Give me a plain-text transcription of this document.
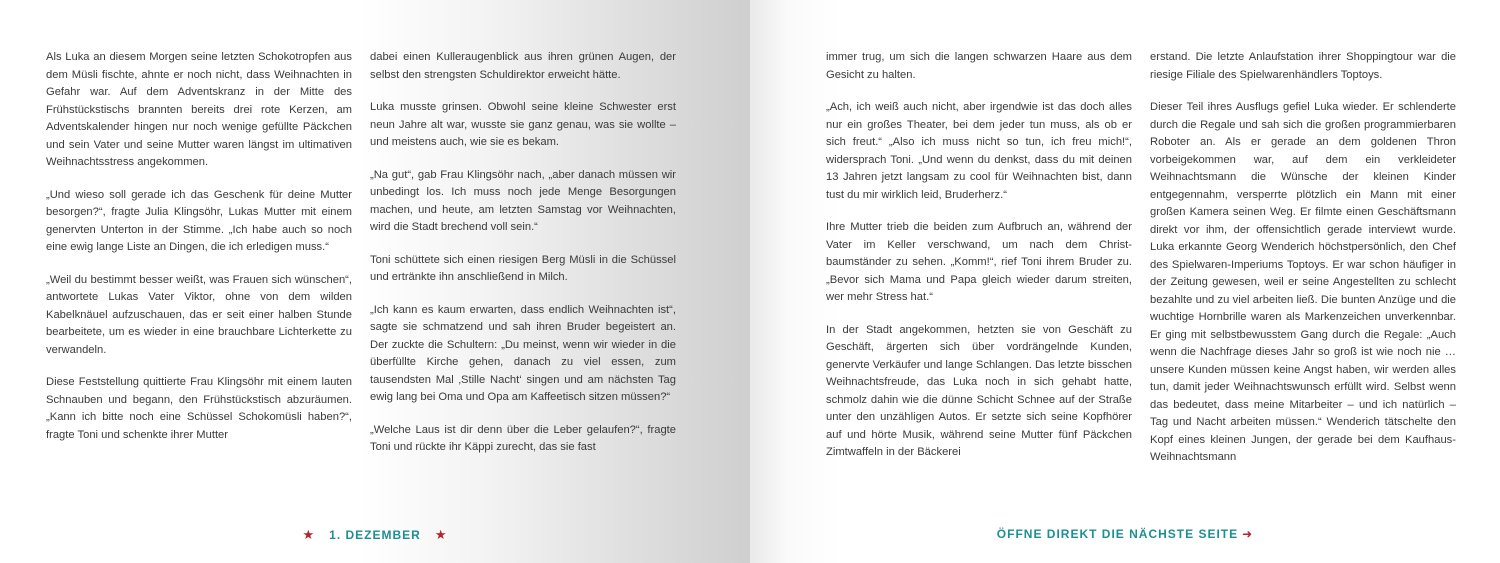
Als Luka an diesem Morgen seine letzten Schokotropfen aus dem Müsli fischte, ahnte er noch nicht, dass Weihnachten in Gefahr war. Auf dem Adventskranz in der Mitte des Frühstückstischs brannten bereits drei rote Kerzen, am Adventskalender hingen nur noch wenige gefüllte Päckchen und sein Vater und seine Mutter waren längst im ultimativen Weihnachtsstress angekommen.

„Und wieso soll gerade ich das Geschenk für deine Mutter besorgen?“, fragte Julia Klingsöhr, Lukas Mutter mit einem genervten Unterton in der Stimme. „Ich habe auch so noch eine ewig lange Liste an Dingen, die ich erledigen muss.“

„Weil du bestimmt besser weißt, was Frauen sich wünschen“, antwortete Lukas Vater Viktor, ohne von dem wilden Kabelknäuel aufzuschauen, das er seit einer halben Stunde bearbeitete, um es wieder in eine brauchbare Lichterkette zu verwandeln.

Diese Feststellung quittierte Frau Klingsöhr mit einem lauten Schnauben und begann, den Frühstückstisch abzuräumen. „Kann ich bitte noch eine Schüssel Schokomüsli haben?“, fragte Toni und schenkte ihrer Mutter

dabei einen Kulleraugenblick aus ihren grünen Augen, der selbst den strengsten Schuldirektor erweicht hätte.

Luka musste grinsen. Obwohl seine kleine Schwester erst neun Jahre alt war, wusste sie ganz genau, was sie wollte – und meistens auch, wie sie es bekam.

„Na gut“, gab Frau Klingsöhr nach, „aber danach müssen wir unbedingt los. Ich muss noch jede Menge Besorgungen machen, und heute, am letzten Samstag vor Weihnachten, wird die Stadt brechend voll sein.“

Toni schüttete sich einen riesigen Berg Müsli in die Schüssel und ertränkte ihn anschließend in Milch.

„Ich kann es kaum erwarten, dass endlich Weihnachten ist“, sagte sie schmatzend und sah ihren Bruder begeistert an. Der zuckte die Schultern: „Du meinst, wenn wir wieder in die überfüllte Kirche gehen, danach zu viel essen, zum tausendsten Mal ‚Stille Nacht‘ singen und am nächsten Tag ewig lang bei Oma und Opa am Kaffeetisch sitzen müssen?“

„Welche Laus ist dir denn über die Leber gelaufen?“, fragte Toni und rückte ihr Käppi zurecht, das sie fast

★ 1. DEZEMBER ★

immer trug, um sich die langen schwarzen Haare aus dem Gesicht zu halten.

„Ach, ich weiß auch nicht, aber irgendwie ist das doch alles nur ein großes Theater, bei dem jeder tun muss, als ob er sich freut.“ „Also ich muss nicht so tun, ich freu mich!“, widersprach Toni. „Und wenn du denkst, dass du mit deinen 13 Jahren jetzt langsam zu cool für Weihnachten bist, dann tust du mir wirklich leid, Bruderherz.“

Ihre Mutter trieb die beiden zum Aufbruch an, während der Vater im Keller verschwand, um nach dem Christbaumständer zu sehen. „Komm!“, rief Toni ihrem Bruder zu. „Bevor sich Mama und Papa gleich wieder darum streiten, wer mehr Stress hat.“

In der Stadt angekommen, hetzten sie von Geschäft zu Geschäft, ärgerten sich über vordrängelnde Kunden, genervte Verkäufer und lange Schlangen. Das letzte bisschen Weihnachtsfreude, das Luka noch in sich gehabt hatte, schmolz dahin wie die dünne Schicht Schnee auf der Straße unter den unzähligen Autos. Er setzte sich seine Kopfhörer auf und hörte Musik, während seine Mutter fünf Päckchen Zimtwaffeln in der Bäckerei

erstand. Die letzte Anlaufstation ihrer Shoppingtour war die riesige Filiale des Spielwarenhändlers Toptoys.

Dieser Teil ihres Ausflugs gefiel Luka wieder. Er schlenderte durch die Regale und sah sich die großen programmierbaren Roboter an. Als er gerade an dem goldenen Thron vorbeigekommen war, auf dem ein verkleideter Weihnachtsmann die Wünsche der kleinen Kinder entgegennahm, versperrte plötzlich ein Mann mit einer großen Kamera seinen Weg. Er filmte einen Geschäftsmann direkt vor ihm, der offensichtlich gerade interviewt wurde. Luka erkannte Georg Wenderich höchstpersönlich, den Chef des Spielwaren-Imperiums Toptoys. Er war schon häufiger in der Zeitung gewesen, weil er seine Angestellten zu schlecht bezahlte und zu viel arbeiten ließ. Die bunten Anzüge und die wuchtige Hornbrille waren als Markenzeichen unverkennbar. Er ging mit selbstbewusstem Gang durch die Regale: „Auch wenn die Nachfrage dieses Jahr so groß ist wie noch nie … unsere Kunden müssen keine Angst haben, wir werden alles tun, damit jeder Weihnachtswunsch erfüllt wird. Selbst wenn das bedeutet, dass meine Mitarbeiter – und ich natürlich – Tag und Nacht arbeiten müssen.“ Wenderich tätschelte den Kopf eines kleinen Jungen, der gerade bei dem Kaufhaus-Weihnachtsmann

ÖFFNE DIREKT DIE NÄCHSTE SEITE ➜
